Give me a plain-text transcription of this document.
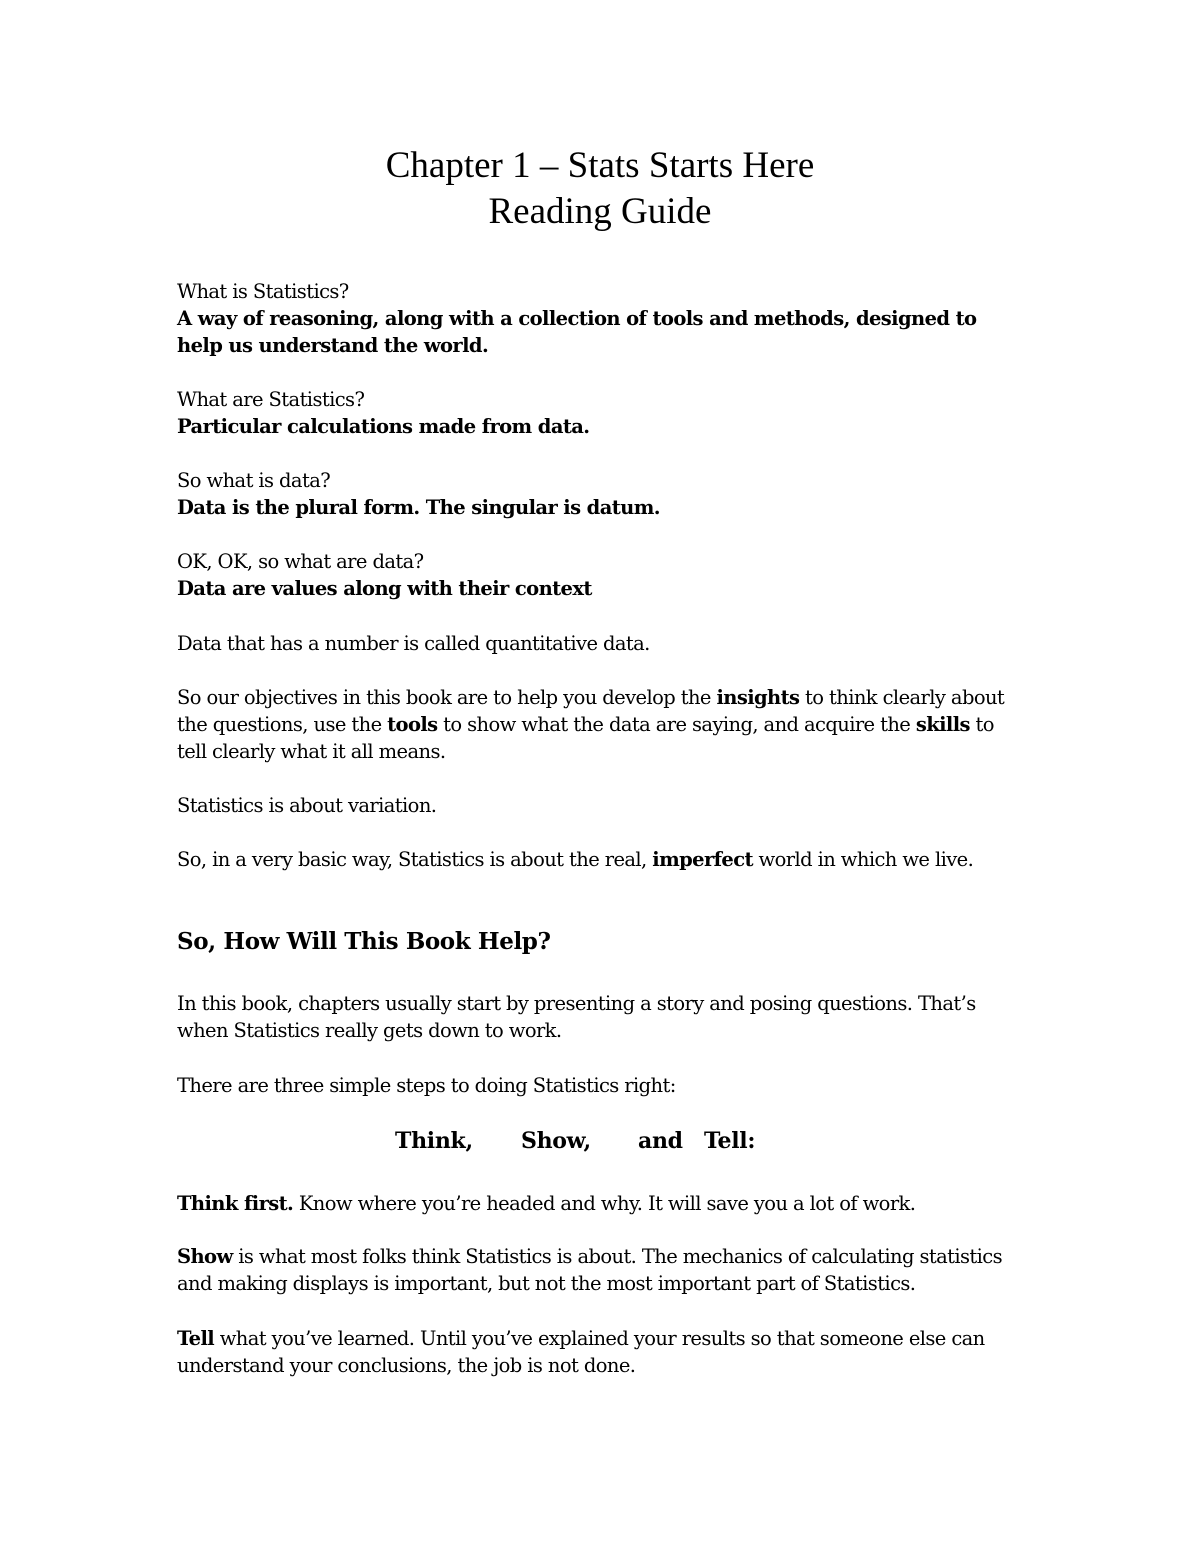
Chapter 1 – Stats Starts Here
Reading Guide
What is Statistics?
A way of reasoning, along with a collection of tools and methods, designed to help us understand the world.
What are Statistics?
Particular calculations made from data.
So what is data?
Data is the plural form. The singular is datum.
OK, OK, so what are data?
Data are values along with their context
Data that has a number is called quantitative data.
So our objectives in this book are to help you develop the insights to think clearly about the questions, use the tools to show what the data are saying, and acquire the skills to tell clearly what it all means.
Statistics is about variation.
So, in a very basic way, Statistics is about the real, imperfect world in which we live.
So, How Will This Book Help?
In this book, chapters usually start by presenting a story and posing questions. That’s when Statistics really gets down to work.
There are three simple steps to doing Statistics right:
Think, Show, and Tell:
Think first. Know where you’re headed and why. It will save you a lot of work.
Show is what most folks think Statistics is about. The mechanics of calculating statistics and making displays is important, but not the most important part of Statistics.
Tell what you’ve learned. Until you’ve explained your results so that someone else can understand your conclusions, the job is not done.
